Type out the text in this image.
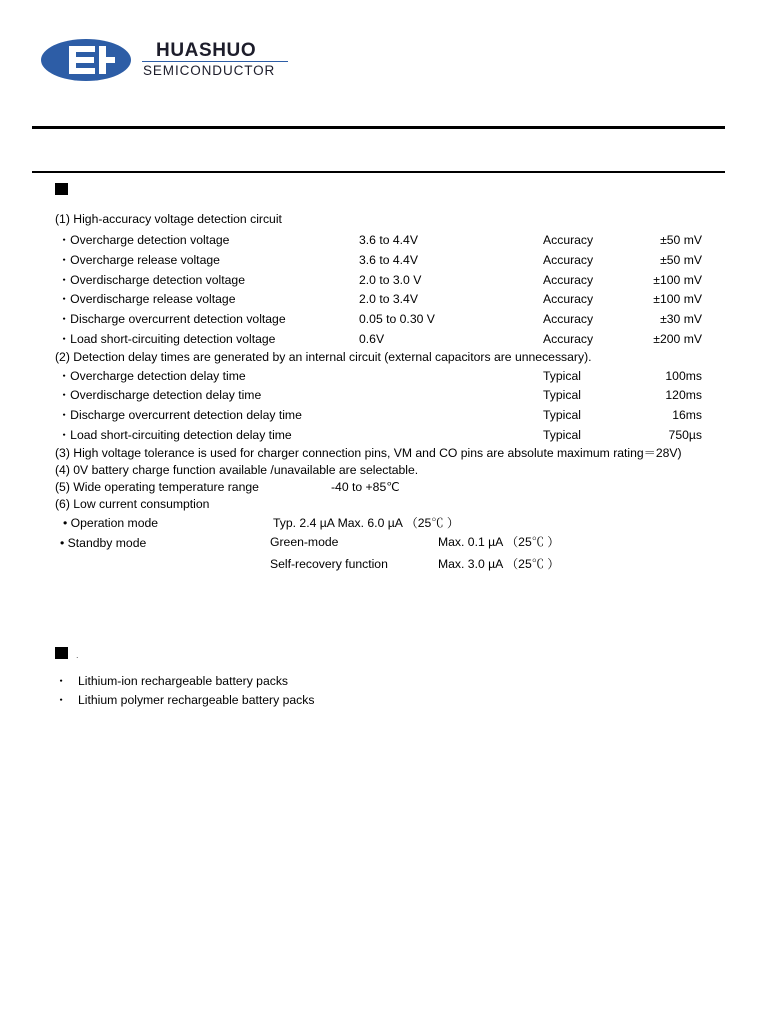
HUASHUO
SEMICONDUCTOR
(1) High-accuracy voltage detection circuit
・Overcharge detection voltage	3.6 to 4.4V	Accuracy	±50 mV
・Overcharge release voltage	3.6 to 4.4V	Accuracy	±50 mV
・Overdischarge detection voltage	2.0 to 3.0 V	Accuracy	±100 mV
・Overdischarge release voltage	2.0 to 3.4V	Accuracy	±100 mV
・Discharge overcurrent detection voltage	0.05 to 0.30 V	Accuracy	±30 mV
・Load short-circuiting detection voltage	0.6V	Accuracy	±200 mV
(2) Detection delay times are generated by an internal circuit (external capacitors are unnecessary).
・Overcharge detection delay time	Typical	100ms
・Overdischarge detection delay time	Typical	120ms
・Discharge overcurrent detection delay time	Typical	16ms
・Load short-circuiting detection delay time	Typical	750µs
(3) High voltage tolerance is used for charger connection pins, VM and CO pins are absolute maximum rating＝28V)
(4) 0V battery charge function available /unavailable are selectable.
(5) Wide operating temperature range	-40 to +85℃
(6) Low current consumption
• Operation mode	Typ. 2.4 µA Max. 6.0 µA （25℃ ）
• Standby mode	Green-mode	Max. 0.1 µA （25℃ ）
Self-recovery function	Max. 3.0 µA （25℃ ）
.
・ Lithium-ion rechargeable battery packs
・ Lithium polymer rechargeable battery packs
